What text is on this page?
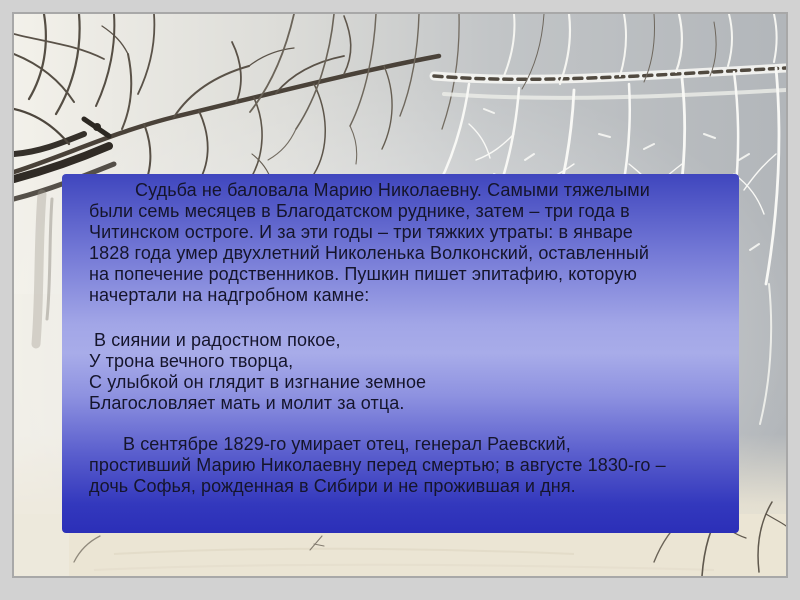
Судьба не баловала Марию Николаевну. Самыми тяжелыми
были семь месяцев в Благодатском руднике, затем – три года в
Читинском остроге. И за эти годы – три тяжких утраты: в январе
1828 года умер двухлетний Николенька Волконский, оставленный
на попечение родственников. Пушкин пишет эпитафию, которую
начертали на надгробном камне:
В сиянии и радостном покое,
У трона вечного творца,
С улыбкой он глядит в изгнание земное
Благословляет мать и молит за отца.
В сентябре 1829-го умирает отец, генерал Раевский,
простивший Марию Николаевну перед смертью; в августе 1830-го –
дочь Софья, рожденная в Сибири и не прожившая и дня.
